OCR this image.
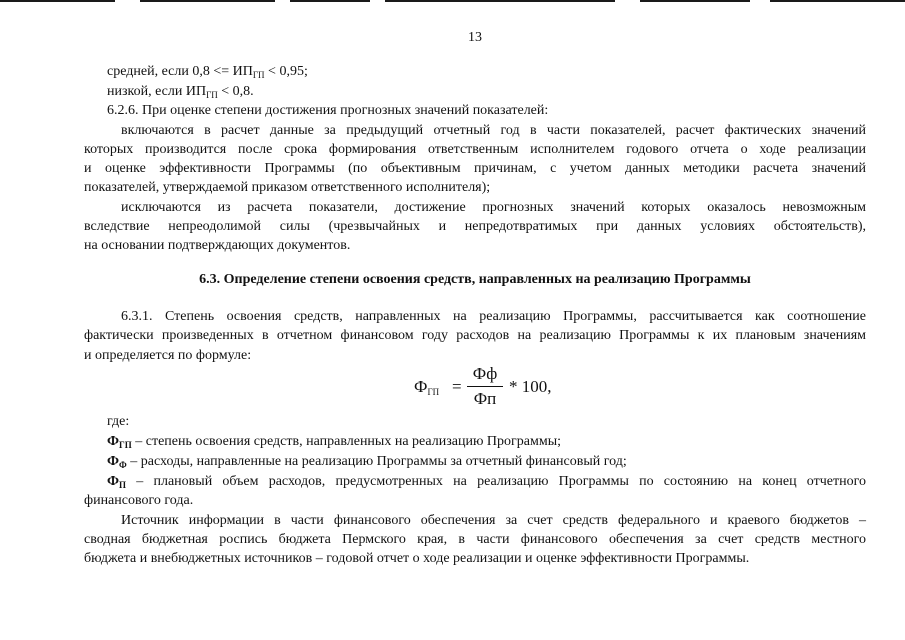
13
средней, если $0,8 <= ИП_{ГП} < 0,95$;
низкой, если $ИП_{ГП} < 0,8$.
6.2.6. При оценке степени достижения прогнозных значений показателей:
включаются в расчет данные за предыдущий отчетный год в части показателей, расчет фактических значений
которых производится после срока формирования ответственным исполнителем годового отчета о ходе реализации
и оценке эффективности Программы (по объективным причинам, с учетом данных методики расчета значений
показателей, утверждаемой приказом ответственного исполнителя);
исключаются из расчета показатели, достижение прогнозных значений которых оказалось невозможным
вследствие непреодолимой силы (чрезвычайных и непредотвратимых при данных условиях обстоятельств),
на основании подтверждающих документов.
6.3. Определение степени освоения средств, направленных на реализацию Программы
6.3.1. Степень освоения средств, направленных на реализацию Программы, рассчитывается как соотношение
фактически произведенных в отчетном финансовом году расходов на реализацию Программы к их плановым значениям
и определяется по формуле:
$Ф_{ГП}$ =
Фф
Фп
* 100,
где:
$Ф_{ГП}$ – степень освоения средств, направленных на реализацию Программы;
$Ф_Ф$ – расходы, направленные на реализацию Программы за отчетный финансовый год;
$Ф_П$ – плановый объем расходов, предусмотренных на реализацию Программы по состоянию на конец отчетного
финансового года.
Источник информации в части финансового обеспечения за счет средств федерального и краевого бюджетов –
сводная бюджетная роспись бюджета Пермского края, в части финансового обеспечения за счет средств местного
бюджета и внебюджетных источников – годовой отчет о ходе реализации и оценке эффективности Программы.
